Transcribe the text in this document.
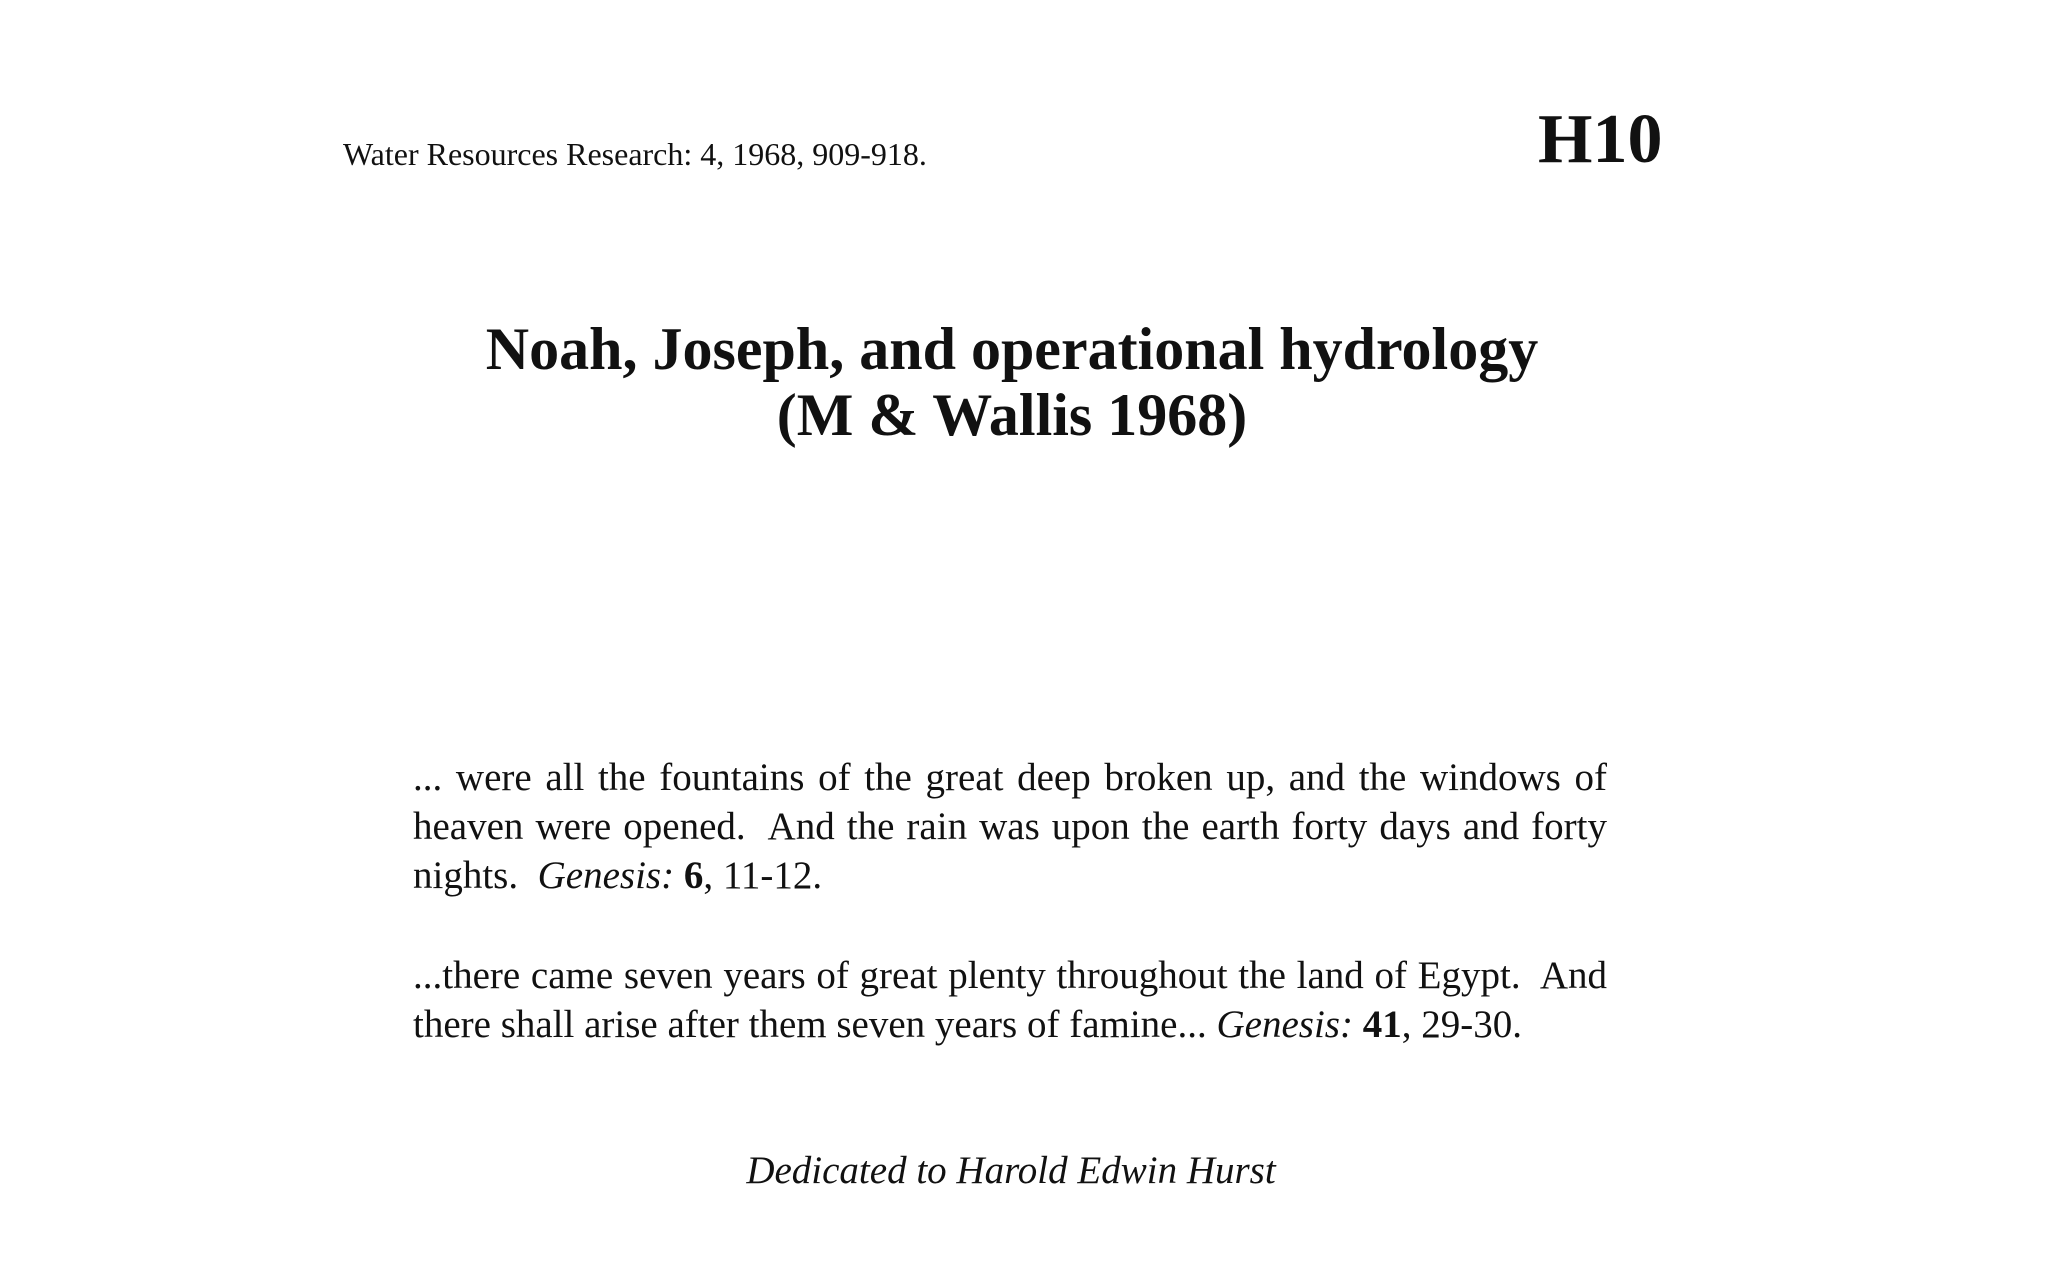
Water Resources Research: 4, 1968, 909-918.	H10
Noah, Joseph, and operational hydrology
(M & Wallis 1968)

... were all the fountains of the great deep broken up, and the windows of heaven were opened.  And the rain was upon the earth forty days and forty nights.  Genesis: 6, 11-12.

...there came seven years of great plenty throughout the land of Egypt.  And there shall arise after them seven years of famine... Genesis: 41, 29-30.

Dedicated to Harold Edwin Hurst
